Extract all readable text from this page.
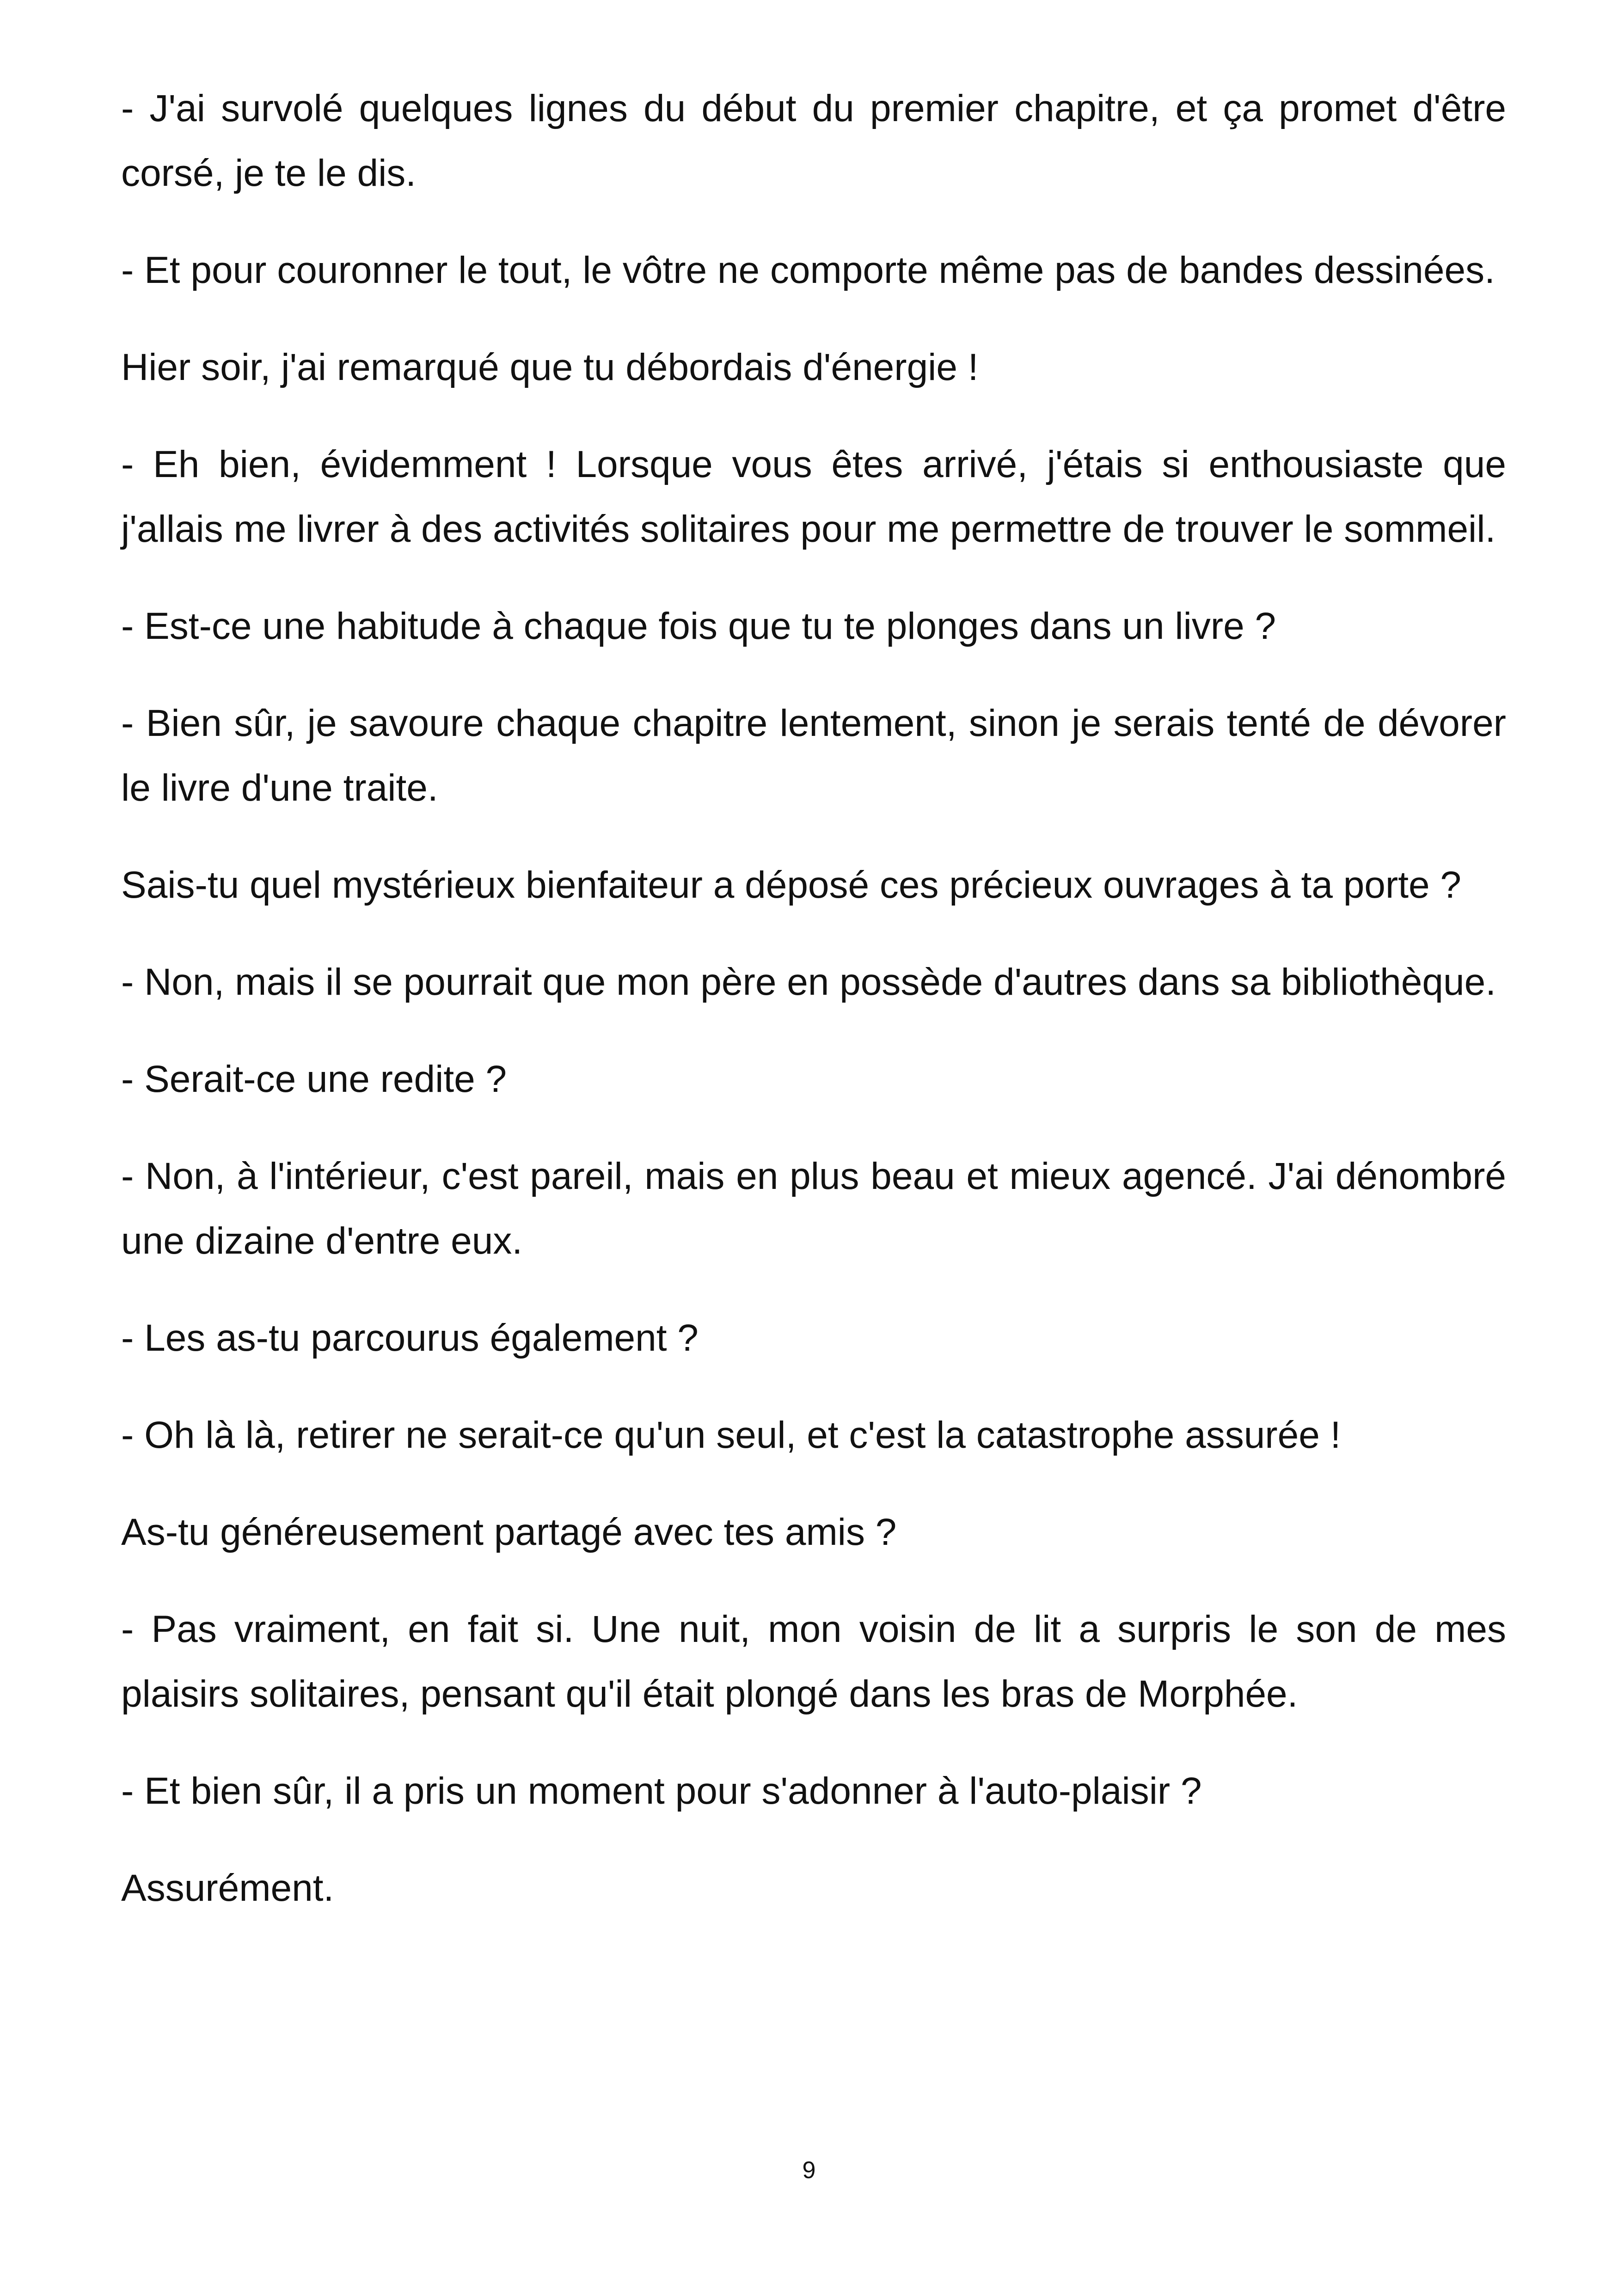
- J'ai survolé quelques lignes du début du premier chapitre, et ça promet d'être corsé, je te le dis.

- Et pour couronner le tout, le vôtre ne comporte même pas de bandes dessinées.

Hier soir, j'ai remarqué que tu débordais d'énergie !

- Eh bien, évidemment ! Lorsque vous êtes arrivé, j'étais si enthousiaste que j'allais me livrer à des activités solitaires pour me permettre de trouver le sommeil.

- Est-ce une habitude à chaque fois que tu te plonges dans un livre ?

- Bien sûr, je savoure chaque chapitre lentement, sinon je serais tenté de dévorer le livre d'une traite.

Sais-tu quel mystérieux bienfaiteur a déposé ces précieux ouvrages à ta porte ?

- Non, mais il se pourrait que mon père en possède d'autres dans sa bibliothèque.

- Serait-ce une redite ?

- Non, à l'intérieur, c'est pareil, mais en plus beau et mieux agencé. J'ai dénombré une dizaine d'entre eux.

- Les as-tu parcourus également ?

- Oh là là, retirer ne serait-ce qu'un seul, et c'est la catastrophe assurée !

As-tu généreusement partagé avec tes amis ?

- Pas vraiment, en fait si. Une nuit, mon voisin de lit a surpris le son de mes plaisirs solitaires, pensant qu'il était plongé dans les bras de Morphée.

- Et bien sûr, il a pris un moment pour s'adonner à l'auto-plaisir ?

Assurément.

9
